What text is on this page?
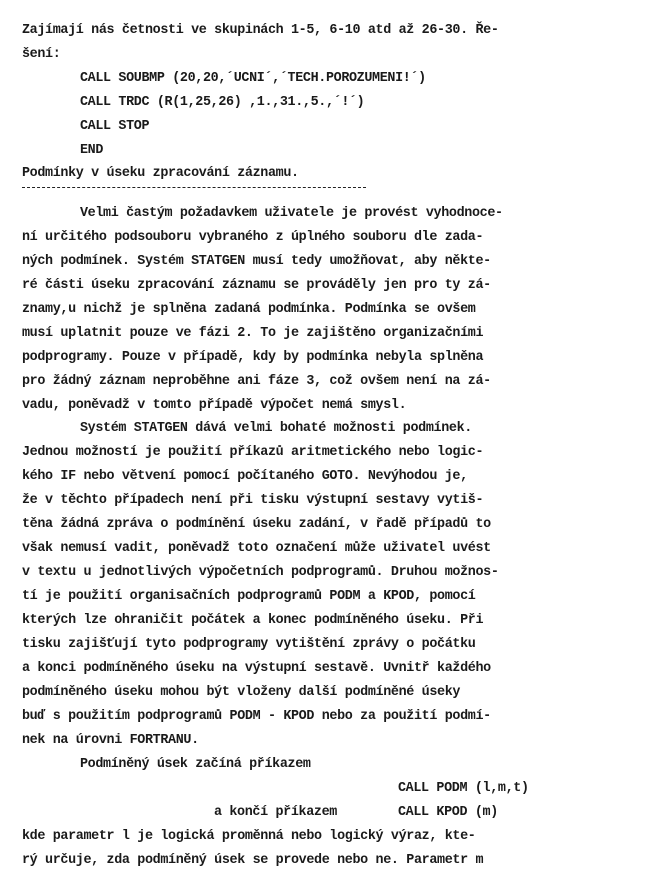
Zajímají nás četnosti ve skupinách 1-5, 6-10 atd až 26-30. Ře-
šení:
CALL SOUBMP (20,20,´UCNI´,´TECH.POROZUMENI!´)
CALL TRDC (R(1,25,26) ,1.,31.,5.,´!´)
CALL STOP
END
Podmínky v úseku zpracování záznamu.
Velmi častým požadavkem uživatele je provést vyhodnoce-
ní určitého podsouboru vybraného z úplného souboru dle zada-
ných podmínek. Systém STATGEN musí tedy umožňovat, aby někte-
ré části úseku zpracování záznamu se prováděly jen pro ty zá-
znamy,u nichž je splněna zadaná podmínka. Podmínka se ovšem
musí uplatnit pouze ve fázi 2. To je zajištěno organizačními
podprogramy. Pouze v případě, kdy by podmínka nebyla splněna
pro žádný záznam neproběhne ani fáze 3, což ovšem není na zá-
vadu, poněvadž v tomto případě výpočet nemá smysl.
Systém STATGEN dává velmi bohaté možnosti podmínek.
Jednou možností je použití příkazů aritmetického nebo logic-
kého IF nebo větvení pomocí počítaného GOTO. Nevýhodou je,
že v těchto případech není při tisku výstupní sestavy vytiš-
těna žádná zpráva o podmínění úseku zadání, v řadě případů to
však nemusí vadit, poněvadž toto označení může uživatel uvést
v textu u jednotlivých výpočetních podprogramů. Druhou možnos-
tí je použití organisačních podprogramů PODM a KPOD, pomocí
kterých lze ohraničit počátek a konec podmíněného úseku. Při
tisku zajišťují tyto podprogramy vytištění zprávy o počátku
a konci podmíněného úseku na výstupní sestavě. Uvnitř každého
podmíněného úseku mohou být vloženy další podmíněné úseky
buď s použitím podprogramů PODM - KPOD nebo za použití podmí-
nek na úrovni FORTRANU.
Podmíněný úsek začíná příkazem
CALL PODM (l,m,t)
a končí příkazem	CALL KPOD (m)
kde parametr l je logická proměnná nebo logický výraz, kte-
rý určuje, zda podmíněný úsek se provede nebo ne. Parametr m
